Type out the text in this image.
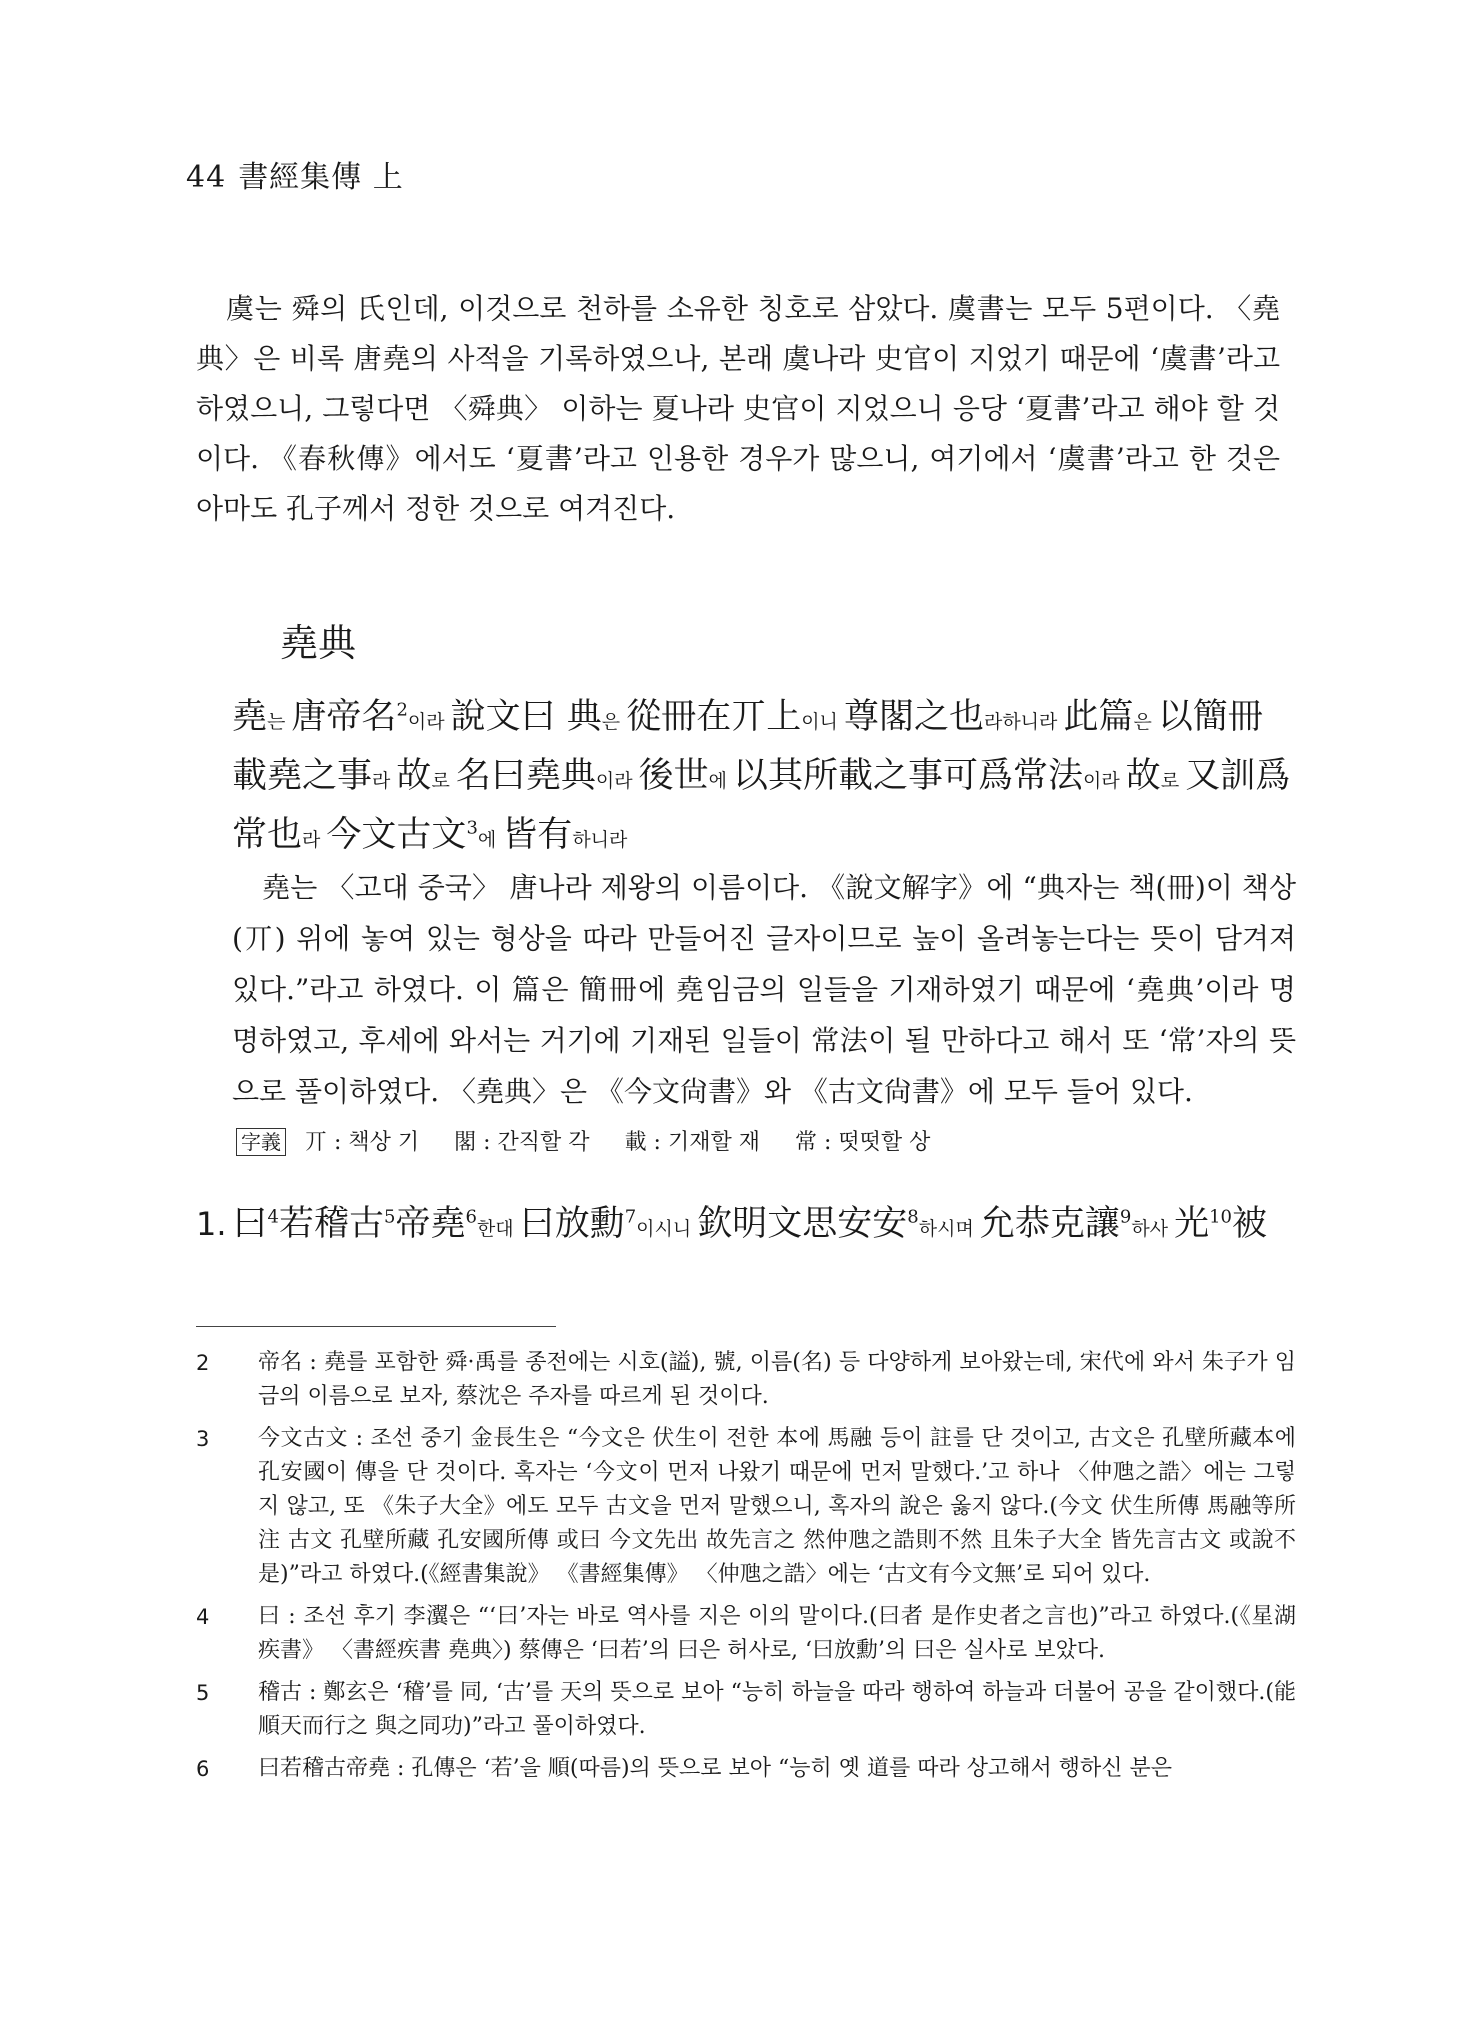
44 書經集傳 上

虞는 舜의 氏인데, 이것으로 천하를 소유한 칭호로 삼았다. 虞書는 모두 5편이다. 〈堯典〉은 비록 唐堯의 사적을 기록하였으나, 본래 虞나라 史官이 지었기 때문에 ‘虞書’라고 하였으니, 그렇다면 〈舜典〉 이하는 夏나라 史官이 지었으니 응당 ‘夏書’라고 해야 할 것이다. 《春秋傳》에서도 ‘夏書’라고 인용한 경우가 많으니, 여기에서 ‘虞書’라고 한 것은 아마도 孔子께서 정한 것으로 여겨진다.

堯典
堯는 唐帝名$^2$이라 說文曰 典은 從冊在丌上이니 尊閣之也라하니라 此篇은 以簡冊載堯之事라 故로 名曰堯典이라 後世에 以其所載之事可爲常法이라 故로 又訓爲常也라 今文古文$^3$에 皆有하니라

堯는 〈고대 중국〉 唐나라 제왕의 이름이다. 《說文解字》에 “典자는 책(冊)이 책상(丌) 위에 놓여 있는 형상을 따라 만들어진 글자이므로 높이 올려놓는다는 뜻이 담겨져 있다.”라고 하였다. 이 篇은 簡冊에 堯임금의 일들을 기재하였기 때문에 ‘堯典’이라 명명하였고, 후세에 와서는 거기에 기재된 일들이 常法이 될 만하다고 해서 또 ‘常’자의 뜻으로 풀이하였다. 〈堯典〉은 《今文尙書》와 《古文尙書》에 모두 들어 있다.

字義 丌 : 책상 기 閣 : 간직할 각 載 : 기재할 재 常 : 떳떳할 상
1. 曰$^4$若稽古$^5$帝堯$^6$한대 曰放勳$^7$이시니 欽明文思安安$^8$하시며 允恭克讓$^9$하사 光$^{10}$被
2	帝名 : 堯를 포함한 舜·禹를 종전에는 시호(謚), 號, 이름(名) 등 다양하게 보아왔는데, 宋代에 와서 朱子가 임금의 이름으로 보자, 蔡沈은 주자를 따르게 된 것이다.
3	今文古文 : 조선 중기 金長生은 “今文은 伏生이 전한 本에 馬融 등이 註를 단 것이고, 古文은 孔壁所藏本에 孔安國이 傳을 단 것이다. 혹자는 ‘今文이 먼저 나왔기 때문에 먼저 말했다.’고 하나 〈仲虺之誥〉에는 그렇지 않고, 또 《朱子大全》에도 모두 古文을 먼저 말했으니, 혹자의 說은 옳지 않다.(今文 伏生所傳 馬融等所注 古文 孔壁所藏 孔安國所傳 或曰 今文先出 故先言之 然仲虺之誥則不然 且朱子大全 皆先言古文 或說不是)”라고 하였다.(《經書集說》 《書經集傳》 〈仲虺之誥〉에는 ‘古文有今文無’로 되어 있다.
4	曰 : 조선 후기 李瀷은 “‘曰’자는 바로 역사를 지은 이의 말이다.(曰者 是作史者之言也)”라고 하였다.(《星湖疾書》 〈書經疾書 堯典〉) 蔡傳은 ‘曰若’의 曰은 허사로, ‘曰放勳’의 曰은 실사로 보았다.
5	稽古 : 鄭玄은 ‘稽’를 同, ‘古’를 天의 뜻으로 보아 “능히 하늘을 따라 행하여 하늘과 더불어 공을 같이했다.(能順天而行之 與之同功)”라고 풀이하였다.
6	曰若稽古帝堯 : 孔傳은 ‘若’을 順(따름)의 뜻으로 보아 “능히 옛 道를 따라 상고해서 행하신 분은
